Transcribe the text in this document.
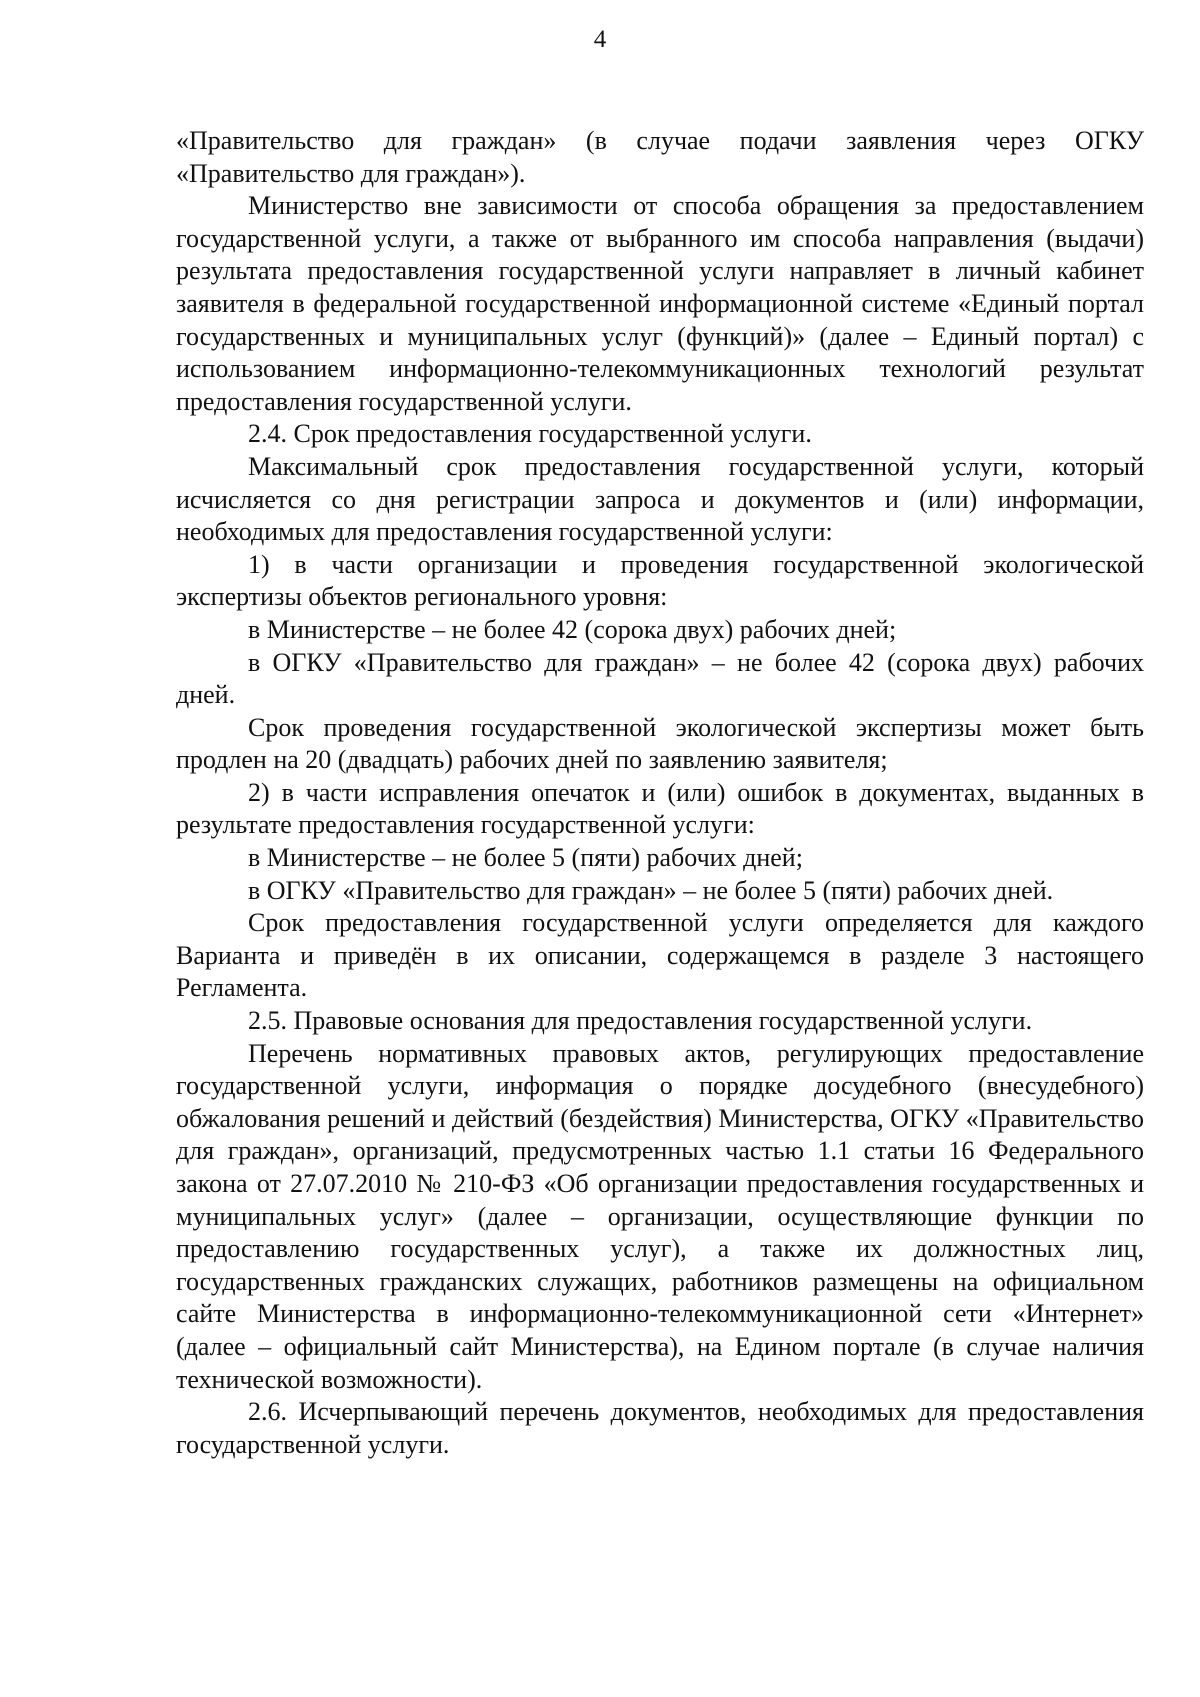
4

«Правительство для граждан» (в случае подачи заявления через ОГКУ «Правительство для граждан»).

Министерство вне зависимости от способа обращения за предоставлением государственной услуги, а также от выбранного им способа направления (выдачи) результата предоставления государственной услуги направляет в личный кабинет заявителя в федеральной государственной информационной системе «Единый портал государственных и муниципальных услуг (функций)» (далее – Единый портал) с использованием информационно-телекоммуникационных технологий результат предоставления государственной услуги.

2.4. Срок предоставления государственной услуги.

Максимальный срок предоставления государственной услуги, который исчисляется со дня регистрации запроса и документов и (или) информации, необходимых для предоставления государственной услуги:

1) в части организации и проведения государственной экологической экспертизы объектов регионального уровня:

в Министерстве – не более 42 (сорока двух) рабочих дней;

в ОГКУ «Правительство для граждан» – не более 42 (сорока двух) рабочих дней.

Срок проведения государственной экологической экспертизы может быть продлен на 20 (двадцать) рабочих дней по заявлению заявителя;

2) в части исправления опечаток и (или) ошибок в документах, выданных в результате предоставления государственной услуги:

в Министерстве – не более 5 (пяти) рабочих дней;

в ОГКУ «Правительство для граждан» – не более 5 (пяти) рабочих дней.

Срок предоставления государственной услуги определяется для каждого Варианта и приведён в их описании, содержащемся в разделе 3 настоящего Регламента.

2.5. Правовые основания для предоставления государственной услуги.

Перечень нормативных правовых актов, регулирующих предоставление государственной услуги, информация о порядке досудебного (внесудебного) обжалования решений и действий (бездействия) Министерства, ОГКУ «Правительство для граждан», организаций, предусмотренных частью 1.1 статьи 16 Федерального закона от 27.07.2010 № 210-ФЗ «Об организации предоставления государственных и муниципальных услуг» (далее – организации, осуществляющие функции по предоставлению государственных услуг), а также их должностных лиц, государственных гражданских служащих, работников размещены на официальном сайте Министерства в информационно-телекоммуникационной сети «Интернет» (далее – официальный сайт Министерства), на Едином портале (в случае наличия технической возможности).

2.6. Исчерпывающий перечень документов, необходимых для предоставления государственной услуги.
